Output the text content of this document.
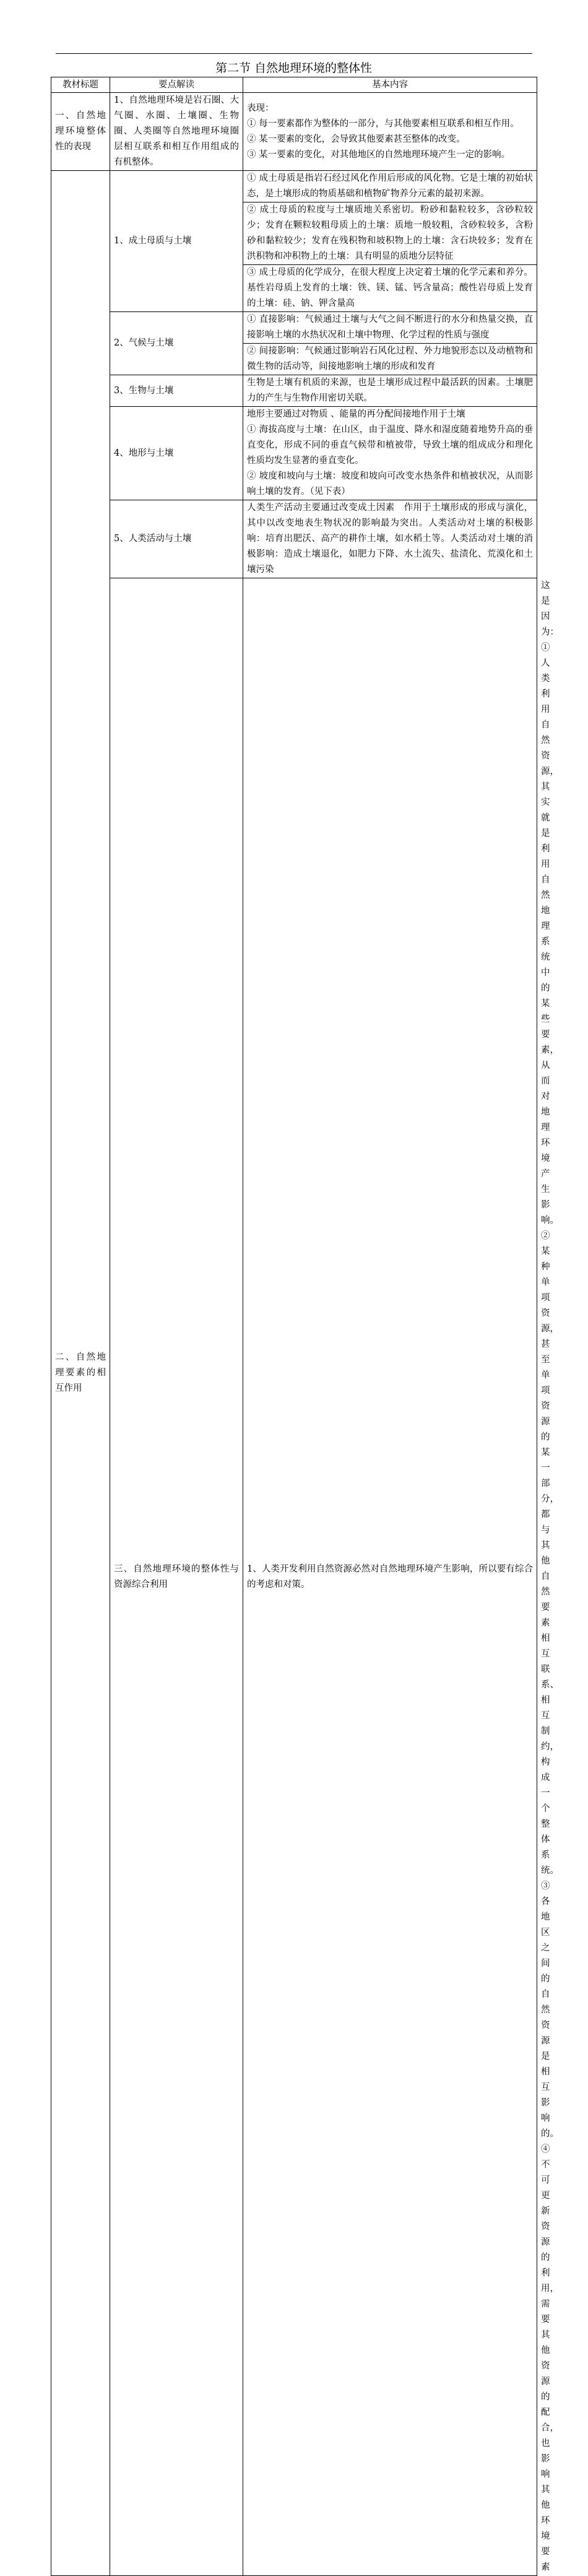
第二节 自然地理环境的整体性
教材标题	要点解读	基本内容	
一、自然地理环境整体性的表现	1、自然地理环境是岩石圈、大气圈、水圈、土壤圈、生物圈、人类圈等自然地理环境圈层相互联系和相互作用组成的有机整体。	表现：
① 每一要素都作为整体的一部分，与其他要素相互联系和相互作用。
② 某一要素的变化，会导致其他要素甚至整体的改变。
③ 某一要素的变化，对其他地区的自然地理环境产生一定的影响。	

二、自然地理要素的相互作用	1、成土母质与土壤	① 成土母质是指岩石经过风化作用后形成的风化物。它是土壤的初始状态，是土壤形成的物质基础和植物矿物养分元素的最初来源。	

		② 成土母质的粒度与土壤质地关系密切。粉砂和黏粒较多，含砂粒较少；发育在颗粒较粗母质上的土壤：质地一般较粗，含砂粒较多，含粉砂和黏粒较少；发育在残积物和坡积物上的土壤：含石块较多；发育在洪积物和冲积物上的土壤：具有明显的质地分层特征	

		③ 成土母质的化学成分，在很大程度上决定着土壤的化学元素和养分。基性岩母质上发育的土壤：铁、镁、锰、钙含量高；酸性岩母质上发育的土壤：硅、钠、钾含量高	

	2、气候与土壤	① 直接影响：气候通过土壤与大气之间不断进行的水分和热量交换，直接影响土壤的水热状况和土壤中物理、化学过程的性质与强度	

		② 间接影响：气候通过影响岩石风化过程、外力地貌形态以及动植物和微生物的活动等，间接地影响土壤的形成和发育	

	3、生物与土壤	生物是土壤有机质的来源，也是土壤形成过程中最活跃的因素。土壤肥力的产生与生物作用密切关联。	

	4、地形与土壤	地形主要通过对物质 、能量的再分配间接地作用于土壤
① 海拔高度与土壤：在山区，由于温度、降水和湿度随着地势升高的垂直变化，形成不同的垂直气候带和植被带，导致土壤的组成成分和理化性质均发生显著的垂直变化。
② 坡度和坡向与土壤：坡度和坡向可改变水热条件和植被状况，从而影响土壤的发育。（见下表）	

	5、人类活动与土壤	人类生产活动主要通过改变成土因素　作用于土壤形成的形成与演化，其中以改变地表生物状况的影响最为突出。人类活动对土壤的积极影响：培育出肥沃、高产的耕作土壤，如水稻土等。人类活动对土壤的消极影响：造成土壤退化，如肥力下降、水土流失、盐渍化、荒漠化和土壤污染	

	三、自然地理环境的整体性与资源综合利用	1、人类开发利用自然资源必然对自然地理环境产生影响，所以要有综合的考虑和对策。	这是因为：
① 人类利用自然资源，其实就是利用自然地理系统中的某些要素，从而对地理环境产生影响。
② 某种单项资源，甚至单项资源的某一部分，都与其他自然要素相互联系、相互制约，构成一个整体系统。
③ 各地区之间的自然资源是相互影响的。
④ 不可更新资源的利用，需要其他资源的配合，也影响其他环境要素
